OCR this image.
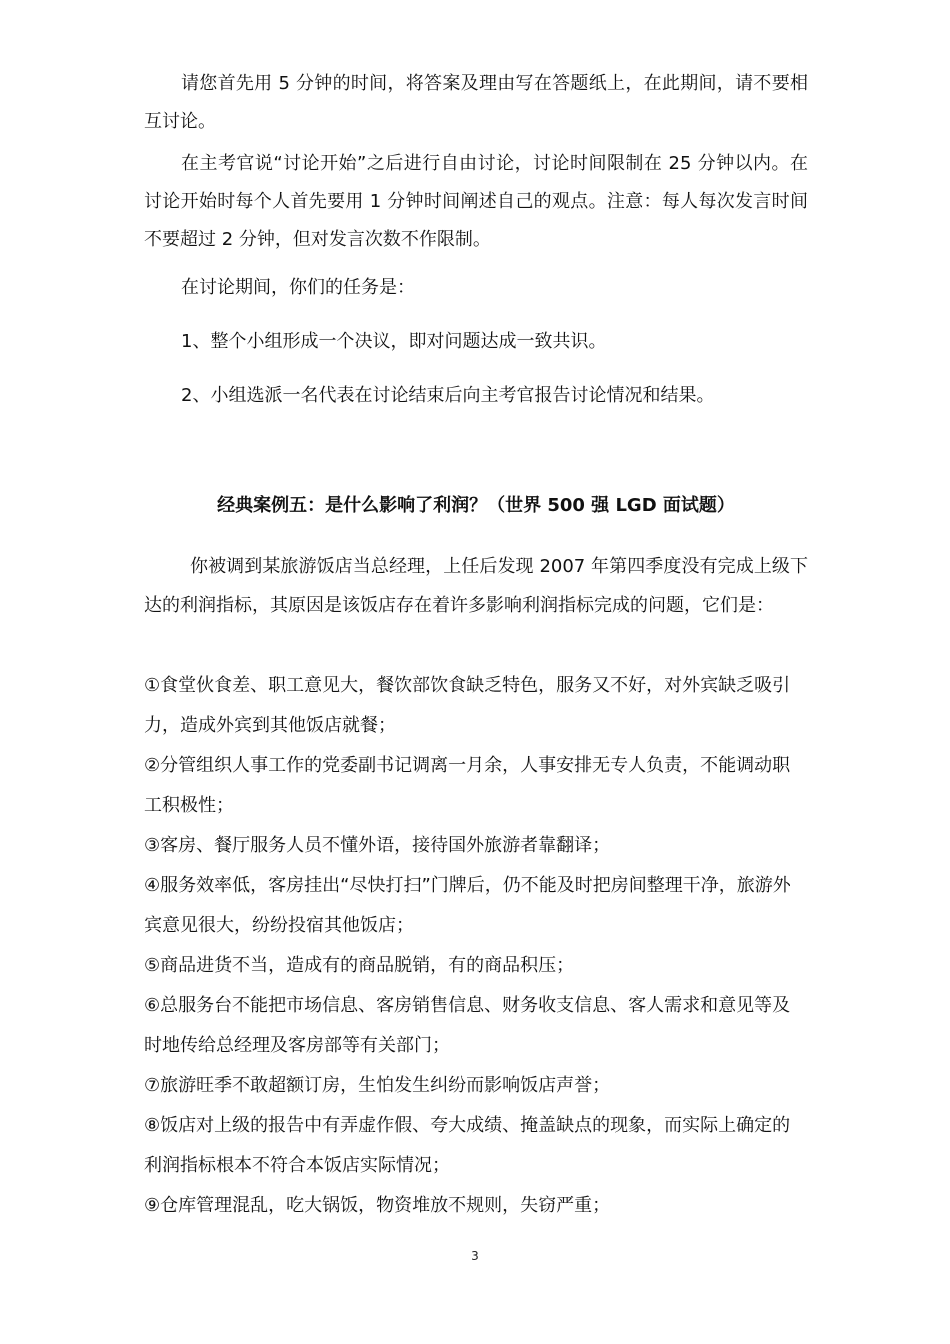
请您首先用 5 分钟的时间，将答案及理由写在答题纸上，在此期间，请不要相互讨论。

在主考官说“讨论开始”之后进行自由讨论，讨论时间限制在 25 分钟以内。在讨论开始时每个人首先要用 1 分钟时间阐述自己的观点。注意：每人每次发言时间不要超过 2 分钟，但对发言次数不作限制。

在讨论期间，你们的任务是：

1、整个小组形成一个决议，即对问题达成一致共识。

2、小组选派一名代表在讨论结束后向主考官报告讨论情况和结果。

经典案例五：是什么影响了利润？（世界 500 强 LGD 面试题）

你被调到某旅游饭店当总经理，上任后发现 2007 年第四季度没有完成上级下达的利润指标，其原因是该饭店存在着许多影响利润指标完成的问题，它们是：

①食堂伙食差、职工意见大，餐饮部饮食缺乏特色，服务又不好，对外宾缺乏吸引力，造成外宾到其他饭店就餐；

②分管组织人事工作的党委副书记调离一月余，人事安排无专人负责，不能调动职工积极性；

③客房、餐厅服务人员不懂外语，接待国外旅游者靠翻译；

④服务效率低，客房挂出“尽快打扫”门牌后，仍不能及时把房间整理干净，旅游外宾意见很大，纷纷投宿其他饭店；

⑤商品进货不当，造成有的商品脱销，有的商品积压；

⑥总服务台不能把市场信息、客房销售信息、财务收支信息、客人需求和意见等及时地传给总经理及客房部等有关部门；

⑦旅游旺季不敢超额订房，生怕发生纠纷而影响饭店声誉；

⑧饭店对上级的报告中有弄虚作假、夸大成绩、掩盖缺点的现象，而实际上确定的利润指标根本不符合本饭店实际情况；

⑨仓库管理混乱，吃大锅饭，物资堆放不规则，失窃严重；

3
